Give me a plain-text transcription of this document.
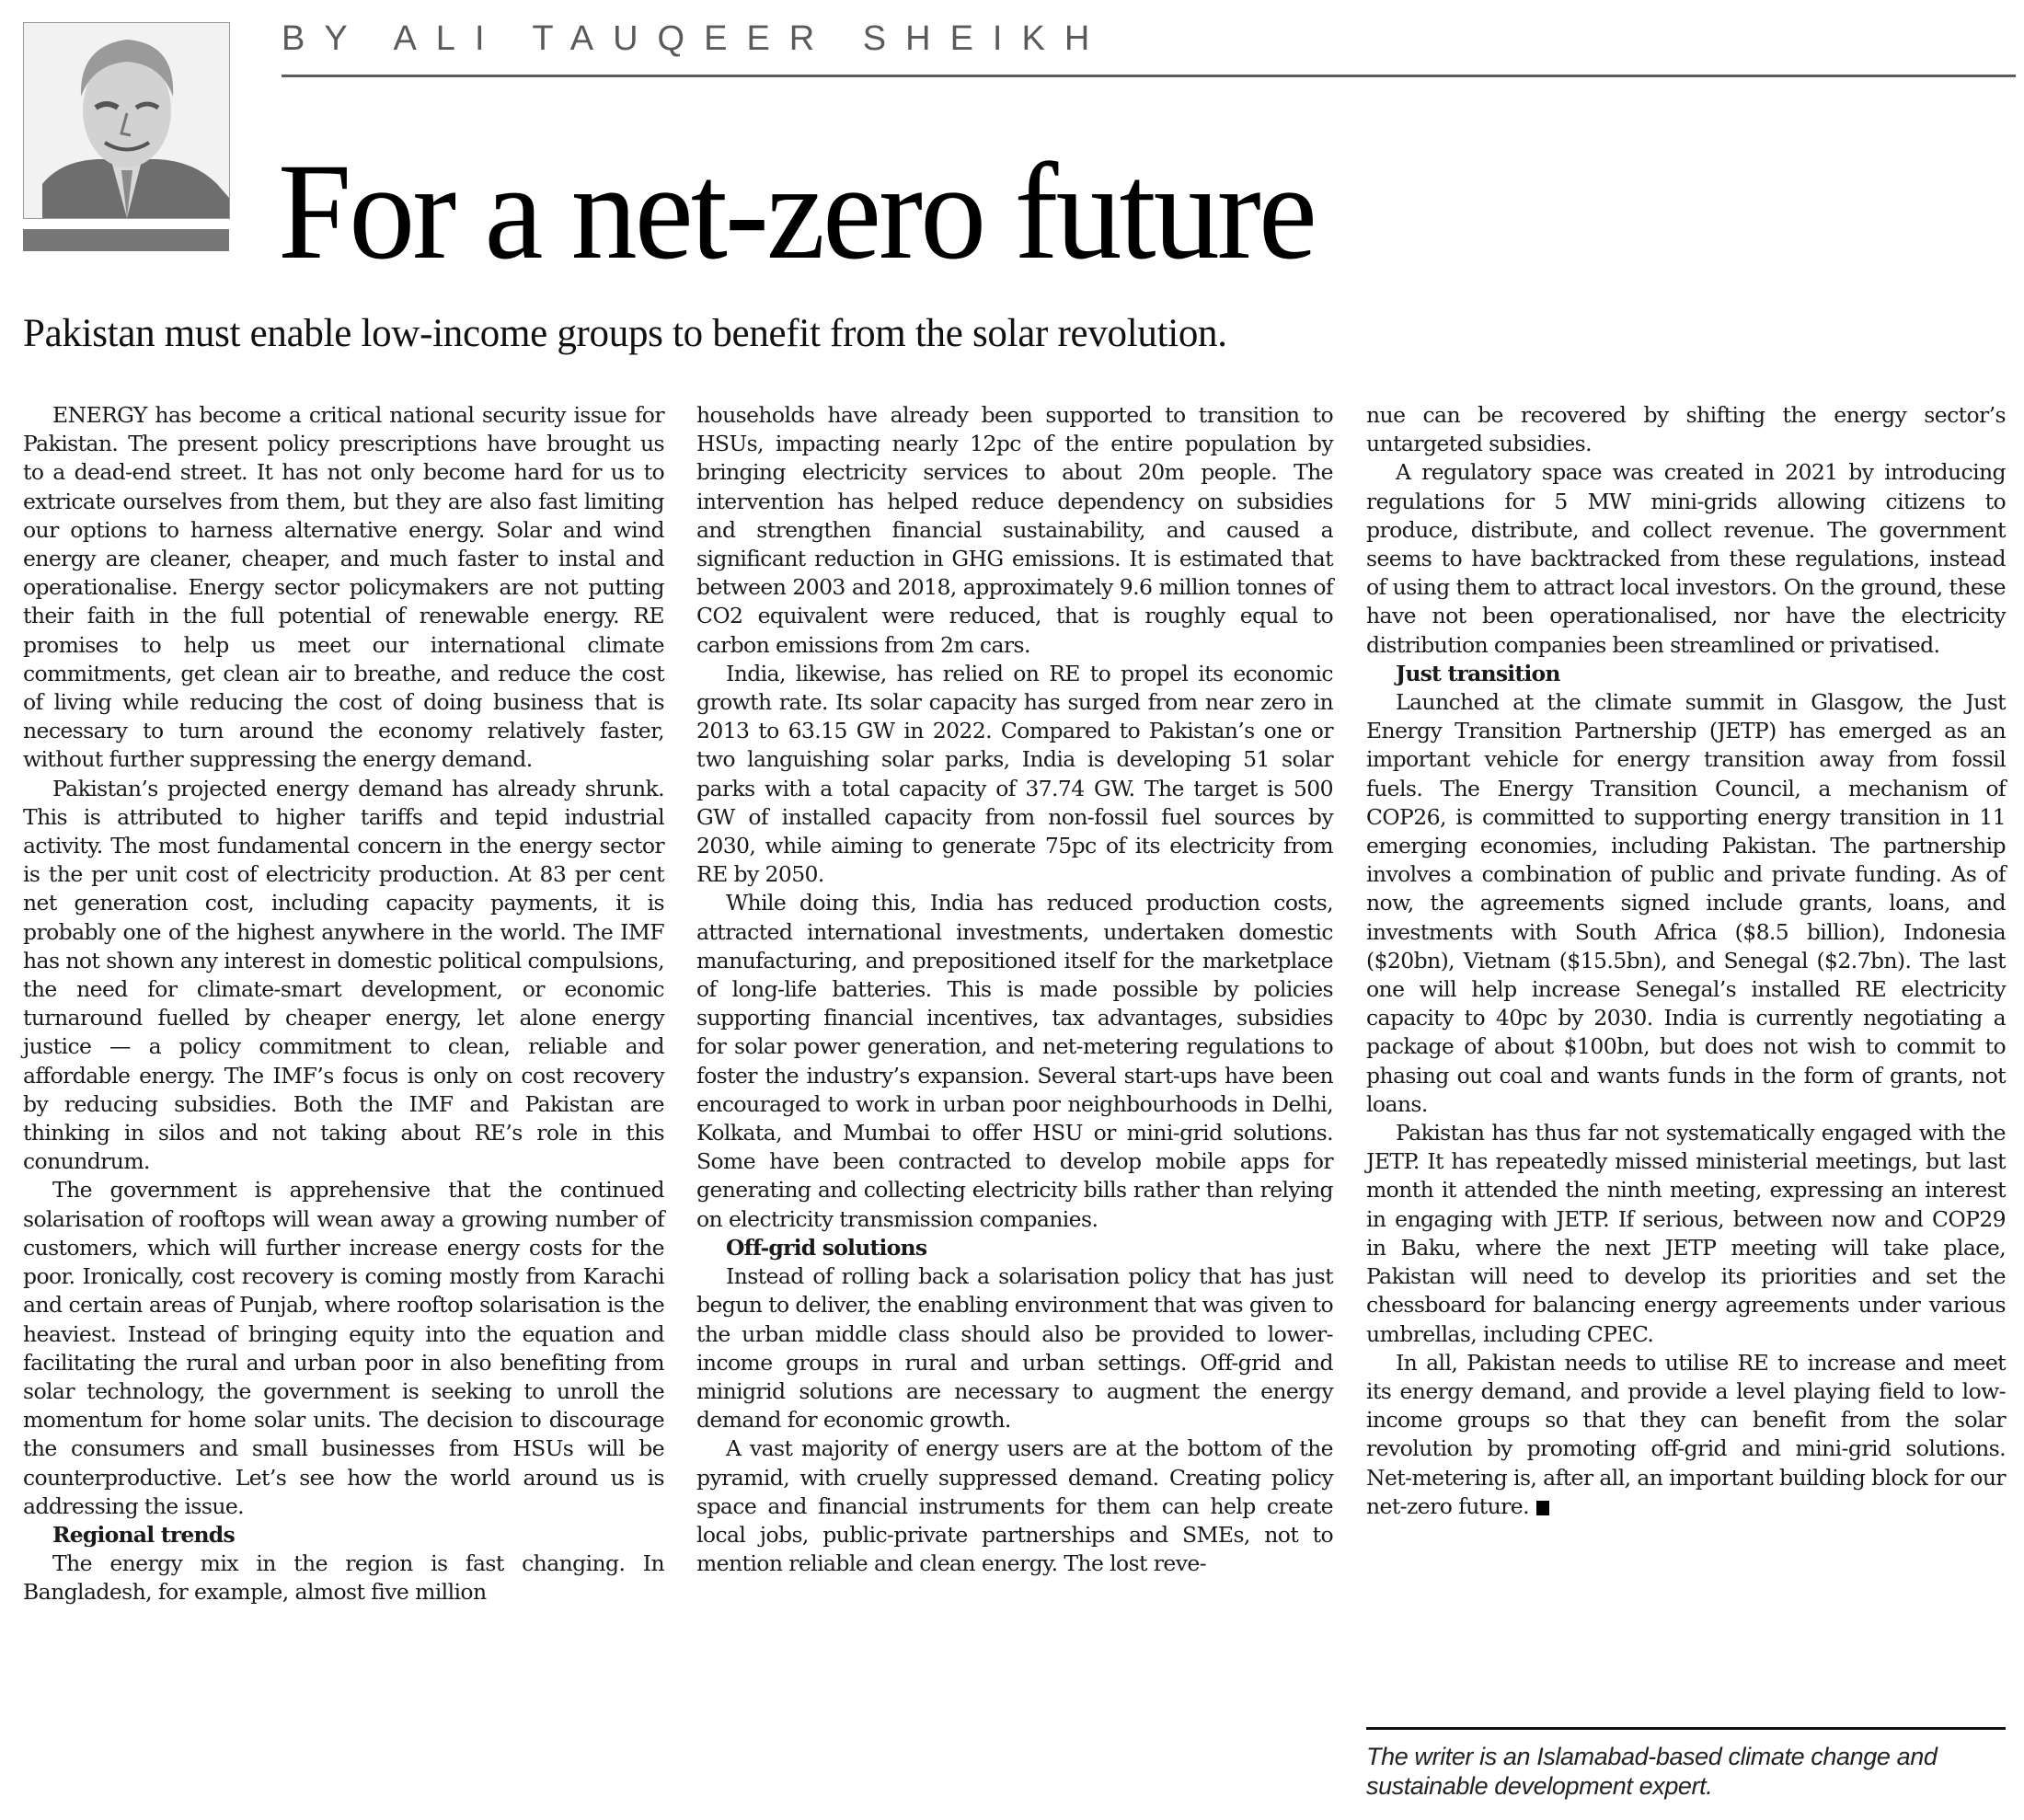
BY ALI TAUQEER SHEIKH
For a net-zero future
Pakistan must enable low-income groups to benefit from the solar revolution.

ENERGY has become a critical national security issue for Pakistan. The present policy prescriptions have brought us to a dead-end street. It has not only become hard for us to extricate ourselves from them, but they are also fast limiting our options to harness alternative energy. Solar and wind energy are cleaner, cheaper, and much faster to instal and operationalise. Energy sector policymakers are not putting their faith in the full potential of renewable energy. RE promises to help us meet our international climate commitments, get clean air to breathe, and reduce the cost of living while reducing the cost of doing business that is necessary to turn around the economy relatively faster, without further suppressing the energy demand.

Pakistan’s projected energy demand has already shrunk. This is attributed to higher tariffs and tepid industrial activity. The most fundamental concern in the energy sector is the per unit cost of electricity production. At 83 per cent net generation cost, including capacity payments, it is probably one of the highest anywhere in the world. The IMF has not shown any interest in domestic political compulsions, the need for climate-smart development, or economic turnaround fuelled by cheaper energy, let alone energy justice — a policy commitment to clean, reliable and affordable energy. The IMF’s focus is only on cost recovery by reducing subsidies. Both the IMF and Pakistan are thinking in silos and not taking about RE’s role in this conundrum.

The government is apprehensive that the continued solarisation of rooftops will wean away a growing number of customers, which will further increase energy costs for the poor. Ironically, cost recovery is coming mostly from Karachi and certain areas of Punjab, where rooftop solarisation is the heaviest. Instead of bringing equity into the equation and facilitating the rural and urban poor in also benefiting from solar technology, the government is seeking to unroll the momentum for home solar units. The decision to discourage the consumers and small businesses from HSUs will be counterproductive. Let’s see how the world around us is addressing the issue.

Regional trends

The energy mix in the region is fast changing. In Bangladesh, for example, almost five million

households have already been supported to transition to HSUs, impacting nearly 12pc of the entire population by bringing electricity services to about 20m people. The intervention has helped reduce dependency on subsidies and strengthen financial sustainability, and caused a significant reduction in GHG emissions. It is estimated that between 2003 and 2018, approximately 9.6 million tonnes of CO2 equivalent were reduced, that is roughly equal to carbon emissions from 2m cars.

India, likewise, has relied on RE to propel its economic growth rate. Its solar capacity has surged from near zero in 2013 to 63.15 GW in 2022. Compared to Pakistan’s one or two languishing solar parks, India is developing 51 solar parks with a total capacity of 37.74 GW. The target is 500 GW of installed capacity from non-fossil fuel sources by 2030, while aiming to generate 75pc of its electricity from RE by 2050.

While doing this, India has reduced production costs, attracted international investments, undertaken domestic manufacturing, and prepositioned itself for the marketplace of long-life batteries. This is made possible by policies supporting financial incentives, tax advantages, subsidies for solar power generation, and net-metering regulations to foster the industry’s expansion. Several start-ups have been encouraged to work in urban poor neighbourhoods in Delhi, Kolkata, and Mumbai to offer HSU or mini-grid solutions. Some have been contracted to develop mobile apps for generating and collecting electricity bills rather than relying on electricity transmission companies.

Off-grid solutions

Instead of rolling back a solarisation policy that has just begun to deliver, the enabling environment that was given to the urban middle class should also be provided to lower-income groups in rural and urban settings. Off-grid and minigrid solutions are necessary to augment the energy demand for economic growth.

A vast majority of energy users are at the bottom of the pyramid, with cruelly suppressed demand. Creating policy space and financial instruments for them can help create local jobs, public-private partnerships and SMEs, not to mention reliable and clean energy. The lost reve-

nue can be recovered by shifting the energy sector’s untargeted subsidies.

A regulatory space was created in 2021 by introducing regulations for 5 MW mini-grids allowing citizens to produce, distribute, and collect revenue. The government seems to have backtracked from these regulations, instead of using them to attract local investors. On the ground, these have not been operationalised, nor have the electricity distribution companies been streamlined or privatised.

Just transition

Launched at the climate summit in Glasgow, the Just Energy Transition Partnership (JETP) has emerged as an important vehicle for energy transition away from fossil fuels. The Energy Transition Council, a mechanism of COP26, is committed to supporting energy transition in 11 emerging economies, including Pakistan. The partnership involves a combination of public and private funding. As of now, the agreements signed include grants, loans, and investments with South Africa ($8.5 billion), Indonesia ($20bn), Vietnam ($15.5bn), and Senegal ($2.7bn). The last one will help increase Senegal’s installed RE electricity capacity to 40pc by 2030. India is currently negotiating a package of about $100bn, but does not wish to commit to phasing out coal and wants funds in the form of grants, not loans.

Pakistan has thus far not systematically engaged with the JETP. It has repeatedly missed ministerial meetings, but last month it attended the ninth meeting, expressing an interest in engaging with JETP. If serious, between now and COP29 in Baku, where the next JETP meeting will take place, Pakistan will need to develop its priorities and set the chessboard for balancing energy agreements under various umbrellas, including CPEC.

In all, Pakistan needs to utilise RE to increase and meet its energy demand, and provide a level playing field to low-income groups so that they can benefit from the solar revolution by promoting off-grid and mini-grid solutions. Net-metering is, after all, an important building block for our net-zero future.

The writer is an Islamabad-based climate change and sustainable development expert.
